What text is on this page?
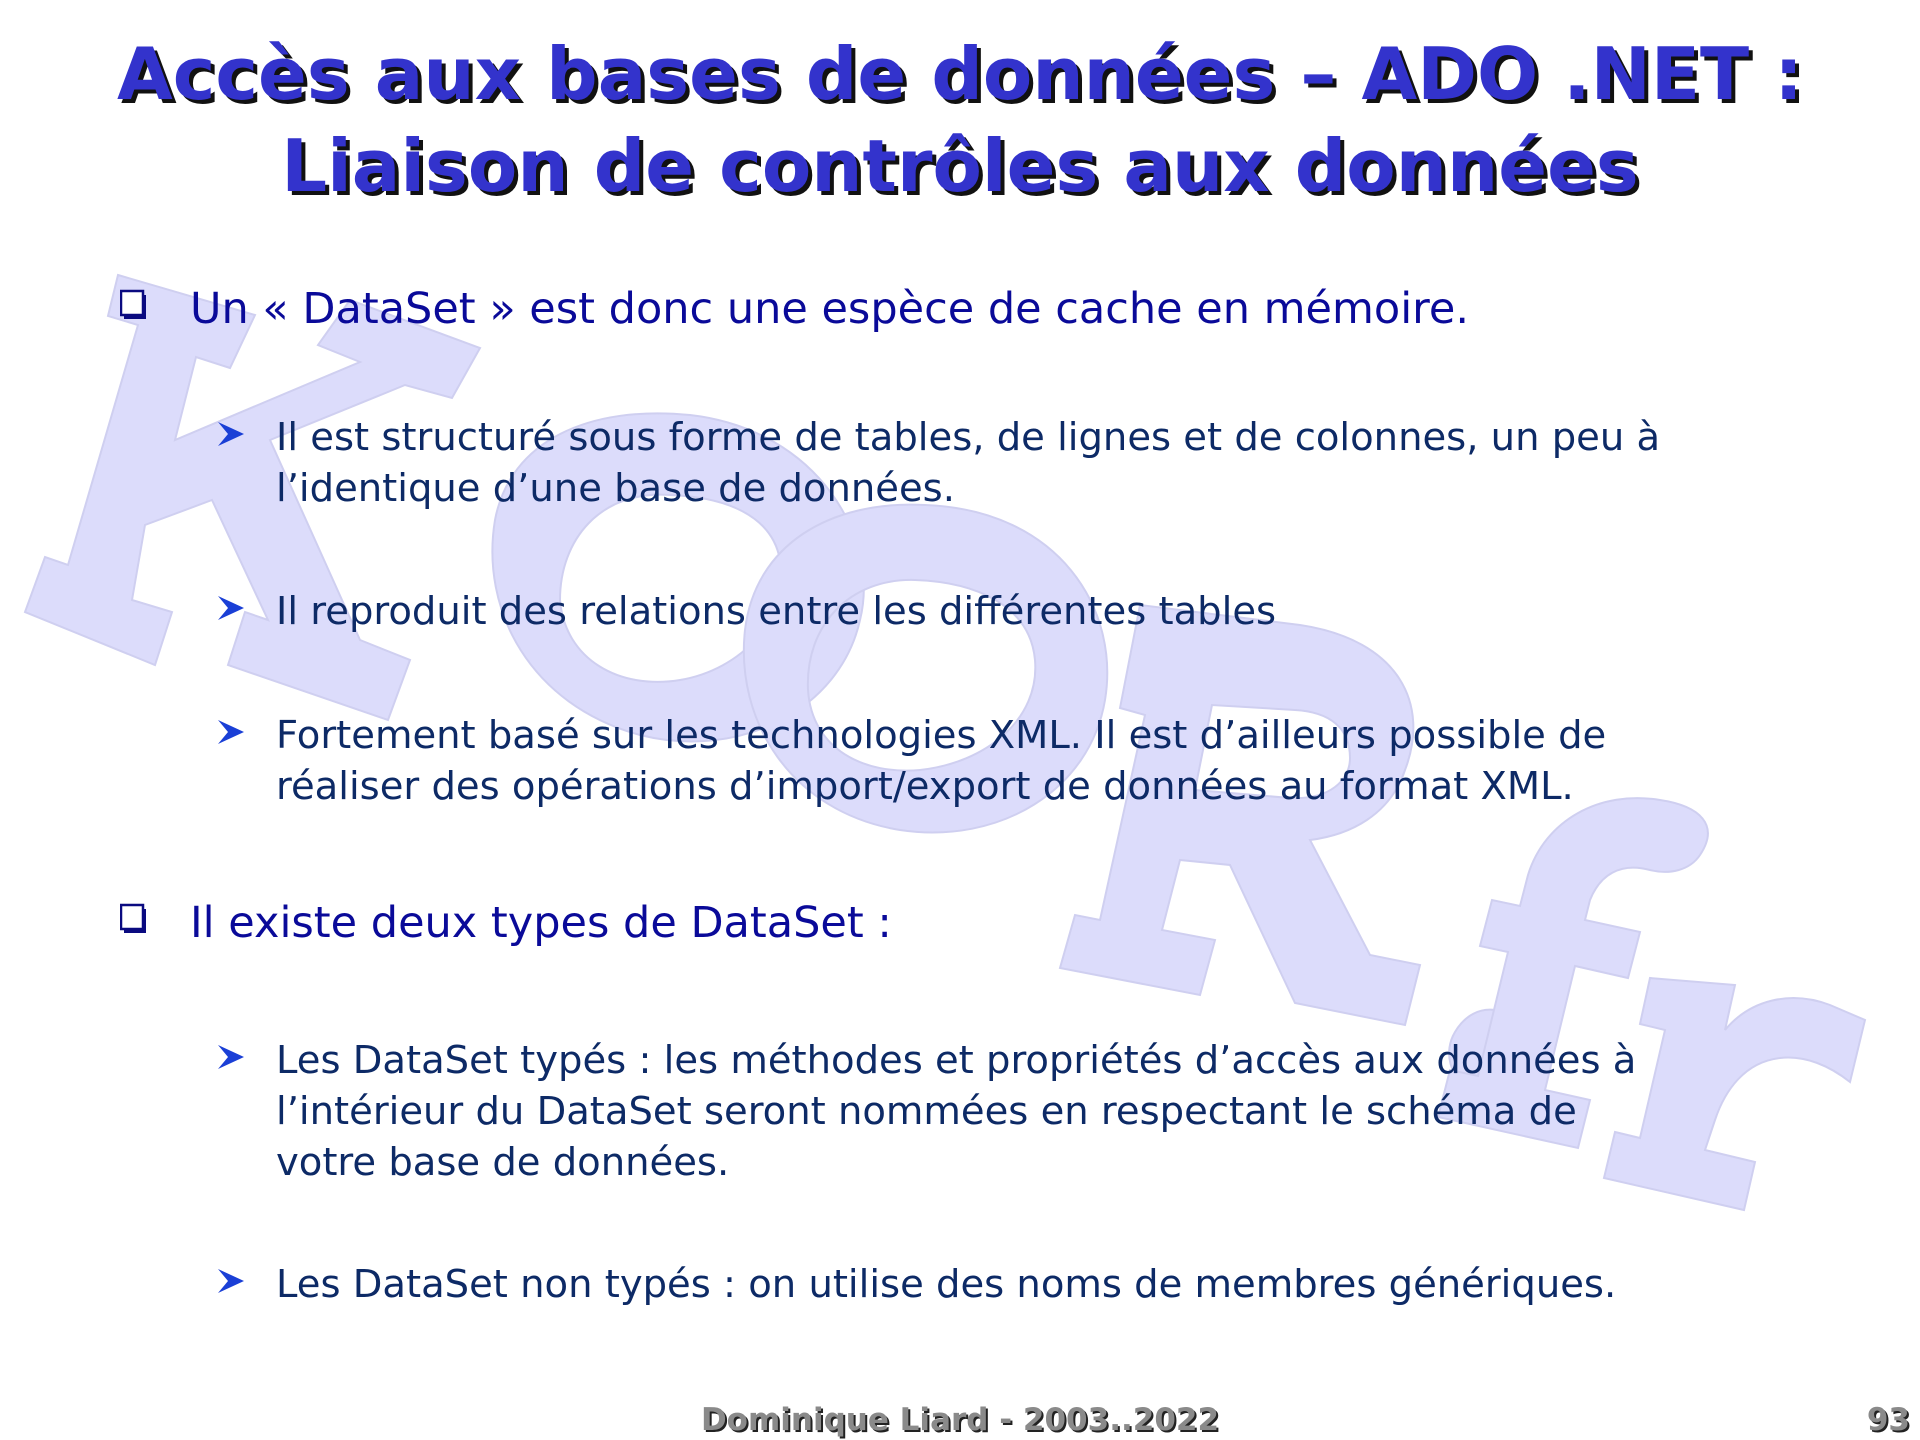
Accès aux bases de données – ADO .NET :
Liaison de contrôles aux données
Un « DataSet » est donc une espèce de cache en mémoire.
Il est structuré sous forme de tables, de lignes et de colonnes, un peu à
l’identique d’une base de données.
Il reproduit des relations entre les différentes tables
Fortement basé sur les technologies XML. Il est d’ailleurs possible de
réaliser des opérations d’import/export de données au format XML.
Il existe deux types de DataSet :
Les DataSet typés : les méthodes et propriétés d’accès aux données à
l’intérieur du DataSet seront nommées en respectant le schéma de
votre base de données.
Les DataSet non typés : on utilise des noms de membres génériques.
Dominique Liard - 2003..2022	93
